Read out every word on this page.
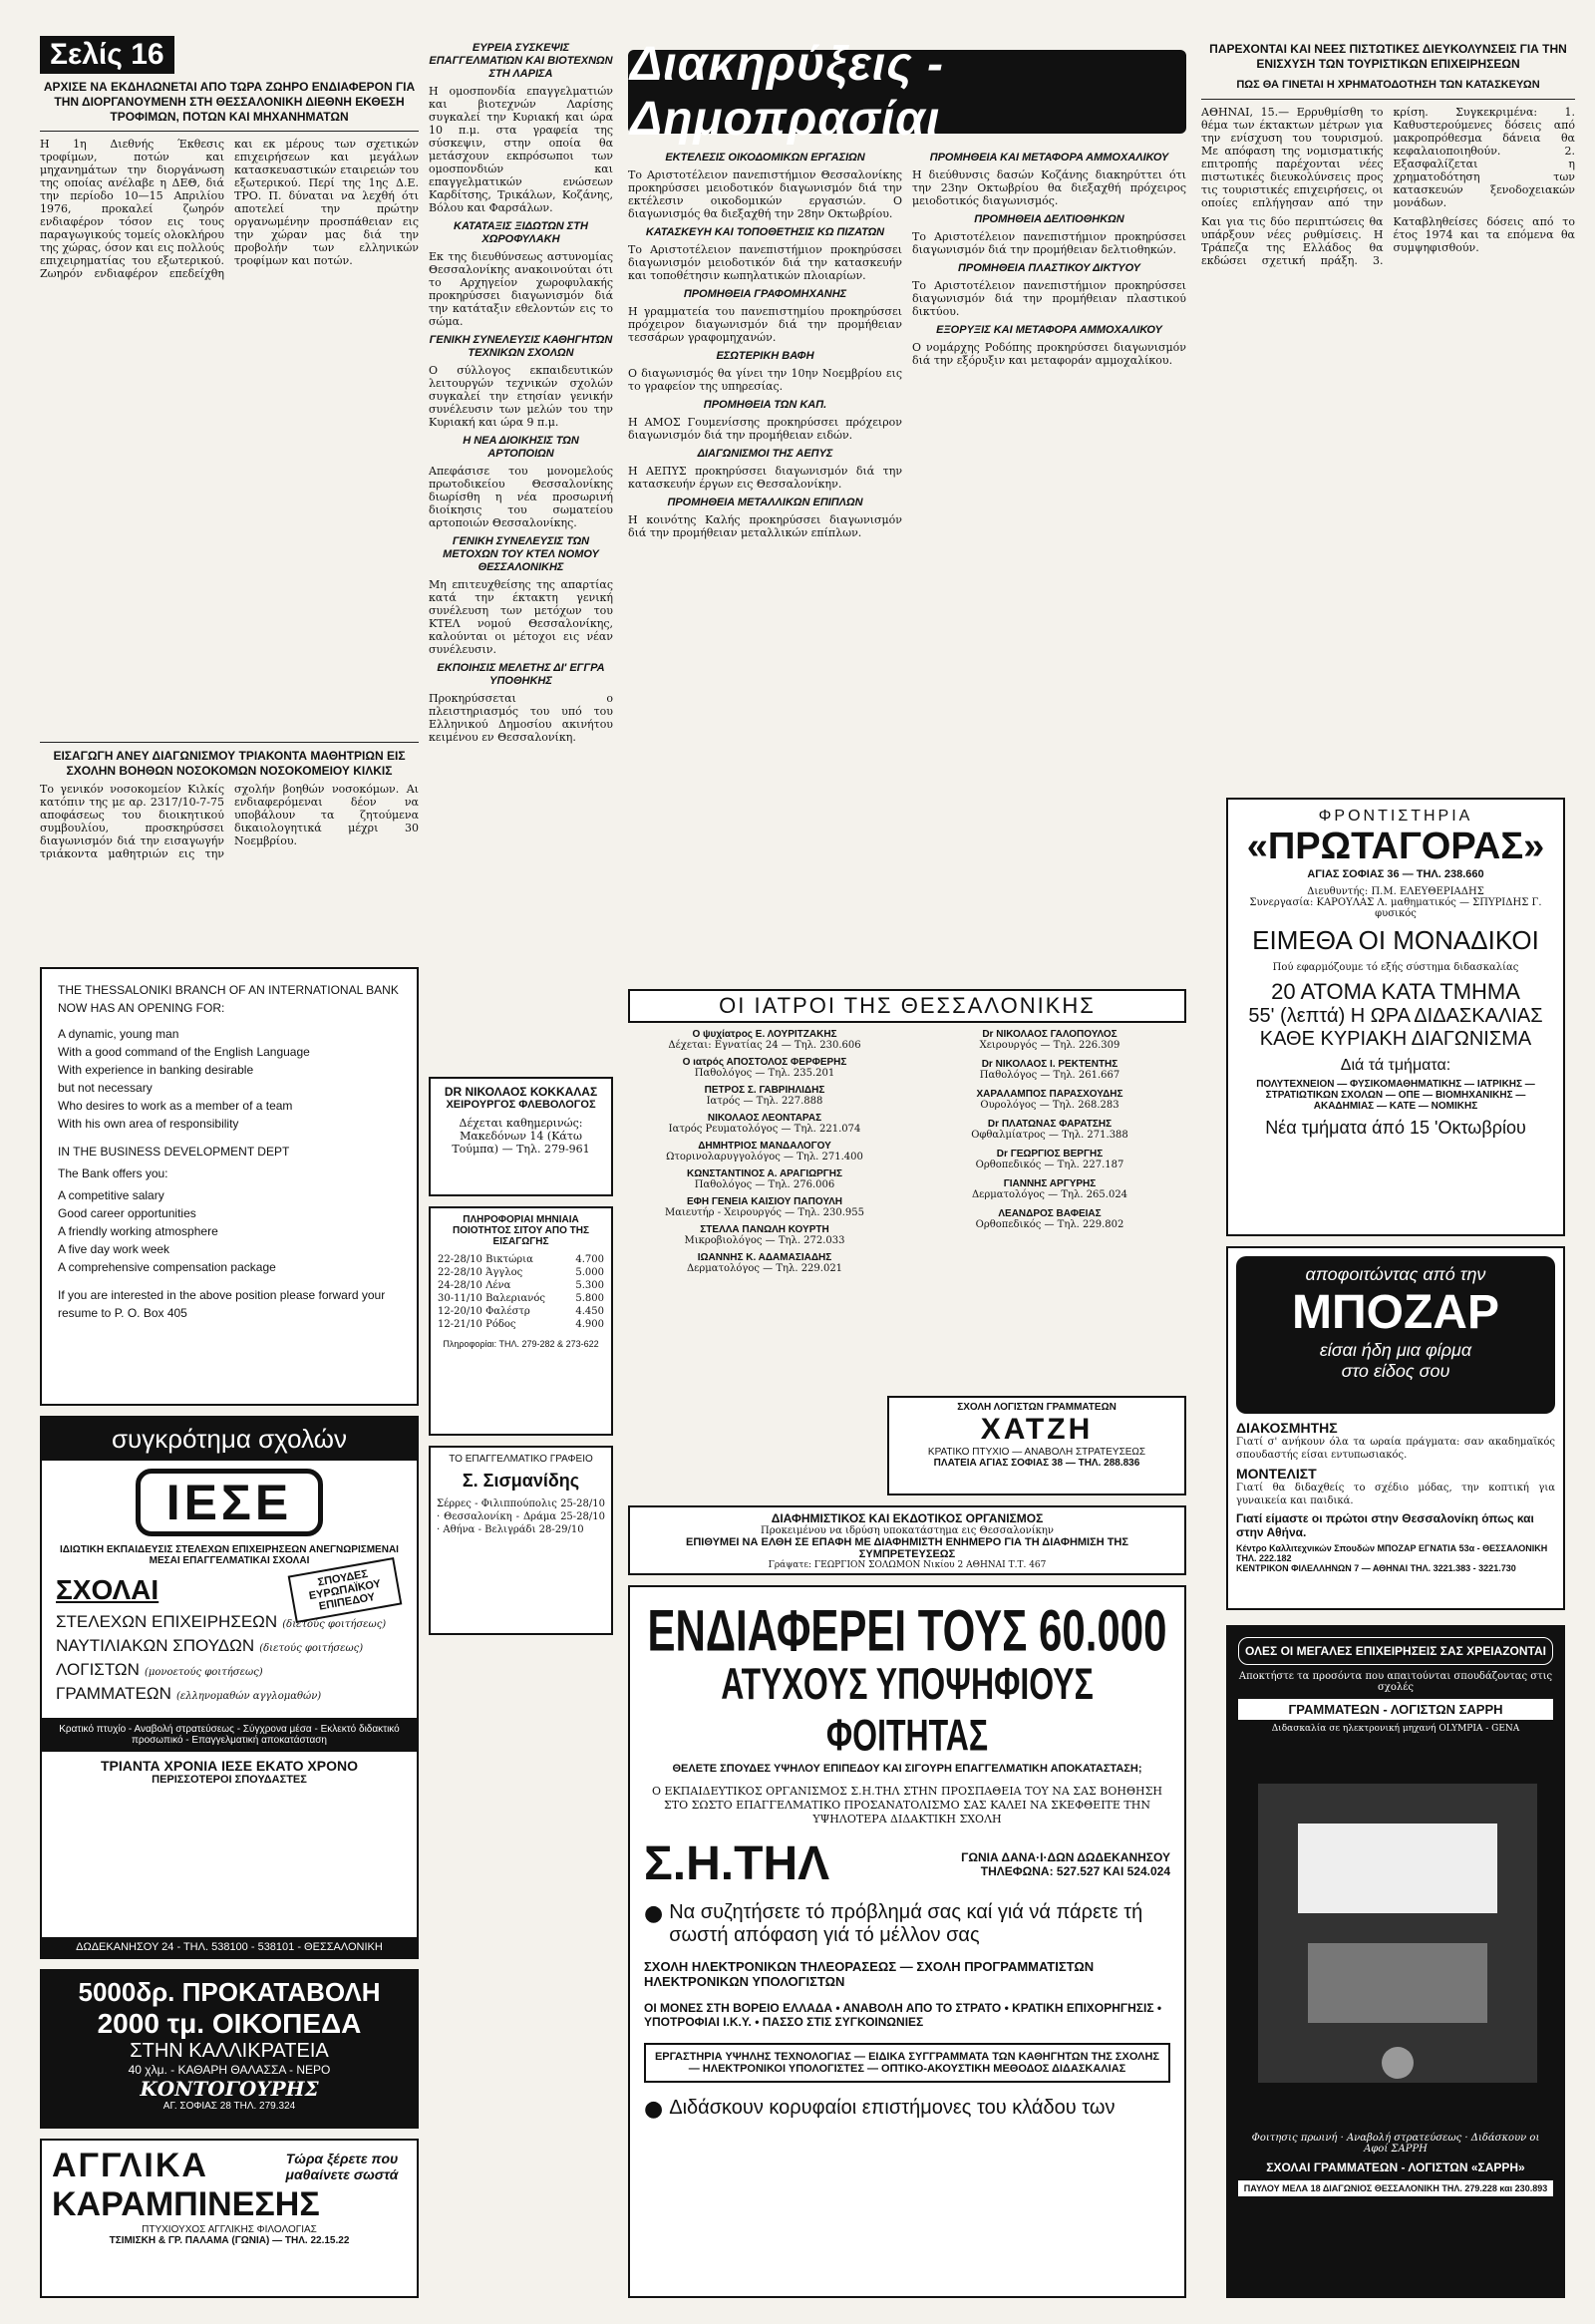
Σελίς 16
ΑΡΧΙΣΕ ΝΑ ΕΚΔΗΛΩΝΕΤΑΙ ΑΠΟ ΤΩΡΑ ΖΩΗΡΟ ΕΝΔΙΑΦΕΡΟΝ ΓΙΑ ΤΗΝ ΔΙΟΡΓΑΝΟΥΜΕΝΗ ΣΤΗ ΘΕΣΣΑΛΟΝΙΚΗ ΔΙΕΘΝΗ ΕΚΘΕΣΗ ΤΡΟΦΙΜΩΝ, ΠΟΤΩΝ ΚΑΙ ΜΗΧΑΝΗΜΑΤΩΝ

Η 1η Διεθνής Έκθεσις τροφίμων, ποτών και μηχανημάτων την διοργάνωση της οποίας ανέλαβε η ΔΕΘ, διά την περίοδο 10—15 Απριλίου 1976, προκαλεί ζωηρόν ενδιαφέρον τόσον εις τους παραγωγικούς τομείς ολοκλήρου της χώρας, όσον και εις πολλούς επιχειρηματίας του εξωτερικού. Ζωηρόν ενδιαφέρον επεδείχθη και εκ μέρους των σχετικών επιχειρήσεων και μεγάλων κατασκευαστικών εταιρειών του εξωτερικού. Περί της 1ης Δ.Ε. ΤΡΟ. Π. δύναται να λεχθή ότι αποτελεί την πρώτην οργανωμένην προσπάθειαν εις την χώραν μας διά την προβολήν των ελληνικών τροφίμων και ποτών.

ΕΙΣΑΓΩΓΗ ΑΝΕΥ ΔΙΑΓΩΝΙΣΜΟΥ ΤΡΙΑΚΟΝΤΑ ΜΑΘΗΤΡΙΩΝ ΕΙΣ ΣΧΟΛΗΝ ΒΟΗΘΩΝ ΝΟΣΟΚΟΜΩΝ ΝΟΣΟΚΟΜΕΙΟΥ ΚΙΛΚΙΣ

Το γενικόν νοσοκομείον Κιλκίς κατόπιν της με αρ. 2317/10-7-75 αποφάσεως του διοικητικού συμβουλίου, προσκηρύσσει διαγωνισμόν διά την εισαγωγήν τριάκοντα μαθητριών εις την σχολήν βοηθών νοσοκόμων. Αι ενδιαφερόμεναι δέον να υποβάλουν τα ζητούμενα δικαιολογητικά μέχρι 30 Νοεμβρίου.

THE THESSALONIKI BRANCH OF AN INTERNATIONAL BANK NOW HAS AN OPENING FOR:
A dynamic, young man
With a good command of the English Language
With experience in banking desirable
but not necessary
Who desires to work as a member of a team
With his own area of responsibility
IN THE BUSINESS DEVELOPMENT DEPT
The Bank offers you:
A competitive salary
Good career opportunities
A friendly working atmosphere
A five day work week
A comprehensive compensation package
If you are interested in the above position please forward your resume to P. O. Box 405
συγκρότημα σχολών
ΙΕΣΕ
ΙΔΙΩΤΙΚΗ ΕΚΠΑΙΔΕΥΣΙΣ ΣΤΕΛΕΧΩΝ ΕΠΙΧΕΙΡΗΣΕΩΝ ΑΝΕΓΝΩΡΙΣΜΕΝΑΙ ΜΕΣΑΙ ΕΠΑΓΓΕΛΜΑΤΙΚΑΙ ΣΧΟΛΑΙ
ΣΧΟΛΑΙ	ΣΠΟΥΔΕΣ ΕΥΡΩΠΑΪΚΟΥ ΕΠΙΠΕΔΟΥ
ΣΤΕΛΕΧΩΝ ΕΠΙΧΕΙΡΗΣΕΩΝ (διετούς φοιτήσεως)
ΝΑΥΤΙΛΙΑΚΩΝ ΣΠΟΥΔΩΝ (διετούς φοιτήσεως)
ΛΟΓΙΣΤΩΝ (μονοετούς φοιτήσεως)
ΓΡΑΜΜΑΤΕΩΝ (ελληνομαθών αγγλομαθών)
Κρατικό πτυχίο - Αναβολή στρατεύσεως - Σύγχρονα μέσα - Εκλεκτό διδακτικό προσωπικό - Επαγγελματική αποκατάσταση
ΤΡΙΑΝΤΑ ΧΡΟΝΙΑ ΙΕΣΕ ΕΚΑΤΟ ΧΡΟΝΟ
ΠΕΡΙΣΣΟΤΕΡΟΙ ΣΠΟΥΔΑΣΤΕΣ
ΔΩΔΕΚΑΝΗΣΟΥ 24 - ΤΗΛ. 538100 - 538101 - ΘΕΣΣΑΛΟΝΙΚΗ
5000δρ. ΠΡΟΚΑΤΑΒΟΛΗ
2000 τμ. ΟΙΚΟΠΕΔΑ
ΣΤΗΝ ΚΑΛΛΙΚΡΑΤΕΙΑ
40 χλμ. - ΚΑΘΑΡΗ ΘΑΛΑΣΣΑ - ΝΕΡΟ
ΚΟΝΤΟΓΟΥΡΗΣ
ΑΓ. ΣΟΦΙΑΣ 28 ΤΗΛ. 279.324
ΑΓΓΛΙΚΑ	Τώρα ξέρετε που μαθαίνετε σωστά
ΚΑΡΑΜΠΙΝΕΣΗΣ
ΠΤΥΧΙΟΥΧΟΣ ΑΓΓΛΙΚΗΣ ΦΙΛΟΛΟΓΙΑΣ
ΤΣΙΜΙΣΚΗ & ΓΡ. ΠΑΛΑΜΑ (ΓΩΝΙΑ) — ΤΗΛ. 22.15.22
ΕΥΡΕΙΑ ΣΥΣΚΕΨΙΣ ΕΠΑΓΓΕΛΜΑΤΙΩΝ ΚΑΙ ΒΙΟΤΕΧΝΩΝ ΣΤΗ ΛΑΡΙΣΑ

Η ομοσπονδία επαγγελματιών και βιοτεχνών Λαρίσης συγκαλεί την Κυριακή και ώρα 10 π.μ. στα γραφεία της σύσκεψιν, στην οποία θα μετάσχουν εκπρόσωποι των ομοσπονδιών και επαγγελματικών ενώσεων Καρδίτσης, Τρικάλων, Κοζάνης, Βόλου και Φαρσάλων.

ΚΑΤΑΤΑΞΙΣ ΞΙΔΩΤΩΝ ΣΤΗ ΧΩΡΟΦΥΛΑΚΗ

Εκ της διευθύνσεως αστυνομίας Θεσσαλονίκης ανακοινούται ότι το Αρχηγείον χωροφυλακής προκηρύσσει διαγωνισμόν διά την κατάταξιν εθελοντών εις το σώμα.

ΓΕΝΙΚΗ ΣΥΝΕΛΕΥΣΙΣ ΚΑΘΗΓΗΤΩΝ ΤΕΧΝΙΚΩΝ ΣΧΟΛΩΝ

Ο σύλλογος εκπαιδευτικών λειτουργών τεχνικών σχολών συγκαλεί την ετησίαν γενικήν συνέλευσιν των μελών του την Κυριακή και ώρα 9 π.μ.

Η ΝΕΑ ΔΙΟΙΚΗΣΙΣ ΤΩΝ ΑΡΤΟΠΟΙΩΝ

Απεφάσισε του μονομελούς πρωτοδικείου Θεσσαλονίκης διωρίσθη η νέα προσωρινή διοίκησις του σωματείου αρτοποιών Θεσσαλονίκης.

ΓΕΝΙΚΗ ΣΥΝΕΛΕΥΣΙΣ ΤΩΝ ΜΕΤΟΧΩΝ ΤΟΥ ΚΤΕΛ ΝΟΜΟΥ ΘΕΣΣΑΛΟΝΙΚΗΣ

Μη επιτευχθείσης της απαρτίας κατά την έκτακτη γενική συνέλευση των μετόχων του ΚΤΕΛ νομού Θεσσαλονίκης, καλούνται οι μέτοχοι εις νέαν συνέλευσιν.

ΕΚΠΟΙΗΣΙΣ ΜΕΛΕΤΗΣ ΔΙ' ΕΓΓΡΑ ΥΠΟΘΗΚΗΣ

Προκηρύσσεται ο πλειστηριασμός του υπό του Ελληνικού Δημοσίου ακινήτου κειμένου εν Θεσσαλονίκη.

DR ΝΙΚΟΛΑΟΣ ΚΟΚΚΑΛΑΣ
ΧΕΙΡΟΥΡΓΟΣ ΦΛΕΒΟΛΟΓΟΣ
Δέχεται καθημερινώς: Μακεδόνων 14 (Κάτω Τούμπα) — Τηλ. 279-961
ΠΛΗΡΟΦΟΡΙΑΙ ΜΗΝΙΑΙΑ ΠΟΙΟΤΗΤΟΣ ΣΙΤΟΥ ΑΠΟ ΤΗΣ ΕΙΣΑΓΩΓΗΣ
22-28/10 Βικτώρια	4.700
22-28/10 Άγγλος	5.000
24-28/10 Λένα	5.300
30-11/10 Βαλεριανός	5.800
12-20/10 Φαλέστρ	4.450
12-21/10 Ρόδος	4.900
Πληροφορίαι: ΤΗΛ. 279-282 & 273-622
ΤΟ ΕΠΑΓΓΕΛΜΑΤΙΚΟ ΓΡΑΦΕΙΟ
Σ. Σισμανίδης
Σέρρες - Φιλιππούπολις 25-28/10 · Θεσσαλονίκη - Δράμα 25-28/10 · Αθήνα - Βελιγράδι 28-29/10
Διακηρύξεις - Δημοπρασίαι
ΕΚΤΕΛΕΣΙΣ ΟΙΚΟΔΟΜΙΚΩΝ ΕΡΓΑΣΙΩΝ

Το Αριστοτέλειον πανεπιστήμιον Θεσσαλονίκης προκηρύσσει μειοδοτικόν διαγωνισμόν διά την εκτέλεσιν οικοδομικών εργασιών. Ο διαγωνισμός θα διεξαχθή την 28ην Οκτωβρίου.

ΚΑΤΑΣΚΕΥΗ ΚΑΙ ΤΟΠΟΘΕΤΗΣΙΣ ΚΩ ΠΙΖΑΤΩΝ

Το Αριστοτέλειον πανεπιστήμιον προκηρύσσει διαγωνισμόν μειοδοτικόν διά την κατασκευήν και τοποθέτησιν κωπηλατικών πλοιαρίων.

ΠΡΟΜΗΘΕΙΑ ΓΡΑΦΟΜΗΧΑΝΗΣ

Η γραμματεία του πανεπιστημίου προκηρύσσει πρόχειρον διαγωνισμόν διά την προμήθειαν τεσσάρων γραφομηχανών.

ΕΣΩΤΕΡΙΚΗ ΒΑΦΗ

Ο διαγωνισμός θα γίνει την 10ην Νοεμβρίου εις το γραφείον της υπηρεσίας.

ΠΡΟΜΗΘΕΙΑ ΤΩΝ ΚΑΠ.

Η ΑΜΟΣ Γουμενίσσης προκηρύσσει πρόχειρον διαγωνισμόν διά την προμήθειαν ειδών.

ΔΙΑΓΩΝΙΣΜΟΙ ΤΗΣ ΑΕΠΥΣ

Η ΑΕΠΥΣ προκηρύσσει διαγωνισμόν διά την κατασκευήν έργων εις Θεσσαλονίκην.

ΠΡΟΜΗΘΕΙΑ ΜΕΤΑΛΛΙΚΩΝ ΕΠΙΠΛΩΝ

Η κοινότης Καλής προκηρύσσει διαγωνισμόν διά την προμήθειαν μεταλλικών επίπλων.

ΠΡΟΜΗΘΕΙΑ ΚΑΙ ΜΕΤΑΦΟΡΑ ΑΜΜΟΧΑΛΙΚΟΥ

Η διεύθυνσις δασών Κοζάνης διακηρύττει ότι την 23ην Οκτωβρίου θα διεξαχθή πρόχειρος μειοδοτικός διαγωνισμός.

ΠΡΟΜΗΘΕΙΑ ΔΕΛΤΙΟΘΗΚΩΝ

Το Αριστοτέλειον πανεπιστήμιον προκηρύσσει διαγωνισμόν διά την προμήθειαν δελτιοθηκών.

ΠΡΟΜΗΘΕΙΑ ΠΛΑΣΤΙΚΟΥ ΔΙΚΤΥΟΥ

Το Αριστοτέλειον πανεπιστήμιον προκηρύσσει διαγωνισμόν διά την προμήθειαν πλαστικού δικτύου.

ΕΞΟΡΥΞΙΣ ΚΑΙ ΜΕΤΑΦΟΡΑ ΑΜΜΟΧΑΛΙΚΟΥ

Ο νομάρχης Ροδόπης προκηρύσσει διαγωνισμόν διά την εξόρυξιν και μεταφοράν αμμοχαλίκου.

ΟΙ ΙΑΤΡΟΙ ΤΗΣ ΘΕΣΣΑΛΟΝΙΚΗΣ
Ο ψυχίατρος Ε. ΛΟΥΡΙΤΖΑΚΗΣ
Δέχεται: Εγνατίας 24 — Τηλ. 230.606
Ο ιατρός ΑΠΟΣΤΟΛΟΣ ΦΕΡΦΕΡΗΣ
Παθολόγος — Τηλ. 235.201
ΠΕΤΡΟΣ Σ. ΓΑΒΡΙΗΛΙΔΗΣ
Ιατρός — Τηλ. 227.888
ΝΙΚΟΛΑΟΣ ΛΕΟΝΤΑΡΑΣ
Ιατρός Ρευματολόγος — Τηλ. 221.074
ΔΗΜΗΤΡΙΟΣ ΜΑΝΔΑΛΟΓΟΥ
Ωτορινολαρυγγολόγος — Τηλ. 271.400
ΚΩΝΣΤΑΝΤΙΝΟΣ Α. ΑΡΑΓΙΩΡΓΗΣ
Παθολόγος — Τηλ. 276.006
ΕΦΗ ΓΕΝΕΙΑ ΚΑΙΣΙΟΥ ΠΑΠΟΥΛΗ
Μαιευτήρ - Χειρουργός — Τηλ. 230.955
ΣΤΕΛΛΑ ΠΑΝΩΛΗ ΚΟΥΡΤΗ
Μικροβιολόγος — Τηλ. 272.033
ΙΩΑΝΝΗΣ Κ. ΑΔΑΜΑΣΙΑΔΗΣ
Δερματολόγος — Τηλ. 229.021
Dr ΝΙΚΟΛΑΟΣ ΓΑΛΟΠΟΥΛΟΣ
Χειρουργός — Τηλ. 226.309
Dr ΝΙΚΟΛΑΟΣ Ι. ΡΕΚΤΕΝΤΗΣ
Παθολόγος — Τηλ. 261.667
ΧΑΡΑΛΑΜΠΟΣ ΠΑΡΑΣΧΟΥΔΗΣ
Ουρολόγος — Τηλ. 268.283
Dr ΠΛΑΤΩΝΑΣ ΦΑΡΑΤΣΗΣ
Οφθαλμίατρος — Τηλ. 271.388
Dr ΓΕΩΡΓΙΟΣ ΒΕΡΓΗΣ
Ορθοπεδικός — Τηλ. 227.187
ΓΙΑΝΝΗΣ ΑΡΓΥΡΗΣ
Δερματολόγος — Τηλ. 265.024
ΛΕΑΝΔΡΟΣ ΒΑΦΕΙΑΣ
Ορθοπεδικός — Τηλ. 229.802
ΣΧΟΛΗ ΛΟΓΙΣΤΩΝ ΓΡΑΜΜΑΤΕΩΝ
ΧΑΤΖΗ
ΚΡΑΤΙΚΟ ΠΤΥΧΙΟ — ΑΝΑΒΟΛΗ ΣΤΡΑΤΕΥΣΕΩΣ
ΠΛΑΤΕΙΑ ΑΓΙΑΣ ΣΟΦΙΑΣ 38 — ΤΗΛ. 288.836
ΔΙΑΦΗΜΙΣΤΙΚΟΣ ΚΑΙ ΕΚΔΟΤΙΚΟΣ ΟΡΓΑΝΙΣΜΟΣ
Προκειμένου να ιδρύση υποκατάστημα εις Θεσσαλονίκην
ΕΠΙΘΥΜΕΙ ΝΑ ΕΛΘΗ ΣΕ ΕΠΑΦΗ ΜΕ ΔΙΑΦΗΜΙΣΤΗ ΕΝΗΜΕΡΟ ΓΙΑ ΤΗ ΔΙΑΦΗΜΙΣΗ ΤΗΣ ΣΥΜΠΡΕΤΕΥΣΕΩΣ
Γράψατε: ΓΕΩΡΓΙΟΝ ΣΟΛΩΜΟΝ Νικίου 2 ΑΘΗΝΑΙ Τ.Τ. 467
ΕΝΔΙΑΦΕΡΕΙ ΤΟΥΣ 60.000
ΑΤΥΧΟΥΣ ΥΠΟΨΗΦΙΟΥΣ ΦΟΙΤΗΤΑΣ
ΘΕΛΕΤΕ ΣΠΟΥΔΕΣ ΥΨΗΛΟΥ ΕΠΙΠΕΔΟΥ ΚΑΙ ΣΙΓΟΥΡΗ ΕΠΑΓΓΕΛΜΑΤΙΚΗ ΑΠΟΚΑΤΑΣΤΑΣΗ;
Ο ΕΚΠΑΙΔΕΥΤΙΚΟΣ ΟΡΓΑΝΙΣΜΟΣ Σ.Η.ΤΗΛ ΣΤΗΝ ΠΡΟΣΠΑΘΕΙΑ ΤΟΥ ΝΑ ΣΑΣ ΒΟΗΘΗΣΗ ΣΤΟ ΣΩΣΤΟ ΕΠΑΓΓΕΛΜΑΤΙΚΟ ΠΡΟΣΑΝΑΤΟΛΙΣΜΟ ΣΑΣ ΚΑΛΕΙ ΝΑ ΣΚΕΦΘΕΙΤΕ ΤΗΝ ΥΨΗΛΟΤΕΡΑ ΔΙΔΑΚΤΙΚΗ ΣΧΟΛΗ
Σ.Η.ΤΗΛ	ΓΩΝΙΑ ΔΑΝΑ·Ι·ΔΩΝ ΔΩΔΕΚΑΝΗΣΟΥ
ΤΗΛΕΦΩΝΑ: 527.527 ΚΑΙ 524.024
● Να συζητήσετε τό πρόβλημά σας καί γιά νά πάρετε τή σωστή απόφαση γιά τό μέλλον σας
ΣΧΟΛΗ ΗΛΕΚΤΡΟΝΙΚΩΝ ΤΗΛΕΟΡΑΣΕΩΣ — ΣΧΟΛΗ ΠΡΟΓΡΑΜΜΑΤΙΣΤΩΝ ΗΛΕΚΤΡΟΝΙΚΩΝ ΥΠΟΛΟΓΙΣΤΩΝ
ΟΙ ΜΟΝΕΣ ΣΤΗ ΒΟΡΕΙΟ ΕΛΛΑΔΑ • ΑΝΑΒΟΛΗ ΑΠΟ ΤΟ ΣΤΡΑΤΟ • ΚΡΑΤΙΚΗ ΕΠΙΧΟΡΗΓΗΣΙΣ • ΥΠΟΤΡΟΦΙΑΙ Ι.Κ.Υ. • ΠΑΣΣΟ ΣΤΙΣ ΣΥΓΚΟΙΝΩΝΙΕΣ
ΕΡΓΑΣΤΗΡΙΑ ΥΨΗΛΗΣ ΤΕΧΝΟΛΟΓΙΑΣ — ΕΙΔΙΚΑ ΣΥΓΓΡΑΜΜΑΤΑ ΤΩΝ ΚΑΘΗΓΗΤΩΝ ΤΗΣ ΣΧΟΛΗΣ — ΗΛΕΚΤΡΟΝΙΚΟΙ ΥΠΟΛΟΓΙΣΤΕΣ — ΟΠΤΙΚΟ-ΑΚΟΥΣΤΙΚΗ ΜΕΘΟΔΟΣ ΔΙΔΑΣΚΑΛΙΑΣ
● Διδάσκουν κορυφαίοι επιστήμονες του κλάδου των
ΠΑΡΕΧΟΝΤΑΙ ΚΑΙ ΝΕΕΣ ΠΙΣΤΩΤΙΚΕΣ ΔΙΕΥΚΟΛΥΝΣΕΙΣ ΓΙΑ ΤΗΝ ΕΝΙΣΧΥΣΗ ΤΩΝ ΤΟΥΡΙΣΤΙΚΩΝ ΕΠΙΧΕΙΡΗΣΕΩΝ
ΠΩΣ ΘΑ ΓΙΝΕΤΑΙ Η ΧΡΗΜΑΤΟΔΟΤΗΣΗ ΤΩΝ ΚΑΤΑΣΚΕΥΩΝ

ΑΘΗΝΑΙ, 15.— Ερρυθμίσθη το θέμα των έκτακτων μέτρων για την ενίσχυση του τουρισμού. Με απόφαση της νομισματικής επιτροπής παρέχονται νέες πιστωτικές διευκολύνσεις προς τις τουριστικές επιχειρήσεις, οι οποίες επλήγησαν από την κρίση. Συγκεκριμένα: 1. Καθυστερούμενες δόσεις από μακροπρόθεσμα δάνεια θα κεφαλαιοποιηθούν. 2. Εξασφαλίζεται η χρηματοδότηση των κατασκευών ξενοδοχειακών μονάδων.

Και για τις δύο περιπτώσεις θα υπάρξουν νέες ρυθμίσεις. Η Τράπεζα της Ελλάδος θα εκδώσει σχετική πράξη. 3. Καταβληθείσες δόσεις από το έτος 1974 και τα επόμενα θα συμψηφισθούν.

ΦΡΟΝΤΙΣΤΗΡΙΑ
«ΠΡΩΤΑΓΟΡΑΣ»
ΑΓΙΑΣ ΣΟΦΙΑΣ 36 — ΤΗΛ. 238.660
Διευθυντής: Π.Μ. ΕΛΕΥΘΕΡΙΑΔΗΣ
Συνεργασία: ΚΑΡΟΥΛΑΣ Λ. μαθηματικός — ΣΠΥΡΙΔΗΣ Γ. φυσικός
ΕΙΜΕΘΑ ΟΙ ΜΟΝΑΔΙΚΟΙ
Πού εφαρμόζουμε τό εξής σύστημα διδασκαλίας
20 ΑΤΟΜΑ ΚΑΤΑ ΤΜΗΜΑ
55' (λεπτά) Η ΩΡΑ ΔΙΔΑΣΚΑΛΙΑΣ
ΚΑΘΕ ΚΥΡΙΑΚΗ ΔΙΑΓΩΝΙΣΜΑ
Διά τά τμήματα:
ΠΟΛΥΤΕΧΝΕΙΟΝ — ΦΥΣΙΚΟΜΑΘΗΜΑΤΙΚΗΣ — ΙΑΤΡΙΚΗΣ — ΣΤΡΑΤΙΩΤΙΚΩΝ ΣΧΟΛΩΝ — ΟΠΕ — ΒΙΟΜΗΧΑΝΙΚΗΣ — ΑΚΑΔΗΜΙΑΣ — ΚΑΤΕ — ΝΟΜΙΚΗΣ
Νέα τμήματα άπό 15 'Οκτωβρίου
αποφοιτώντας από την
ΜΠΟΖΑΡ
είσαι ήδη μια φίρμα
στο είδος σου
ΔΙΑΚΟΣΜΗΤΗΣ
Γιατί σ' ανήκουν όλα τα ωραία πράγματα: σαν ακαδημαϊκός σπουδαστής είσαι εντυπωσιακός.
ΜΟΝΤΕΛΙΣΤ
Γιατί θα διδαχθείς το σχέδιο μόδας, την κοπτική για γυναικεία και παιδικά.
Γιατί είμαστε οι πρώτοι στην Θεσσαλονίκη όπως και στην Αθήνα.
Κέντρο Καλλιτεχνικών Σπουδών ΜΠΟΖΑΡ ΕΓΝΑΤΙΑ 53α - ΘΕΣΣΑΛΟΝΙΚΗ ΤΗΛ. 222.182
ΚΕΝΤΡΙΚΟΝ ΦΙΛΕΛΛΗΝΩΝ 7 — ΑΘΗΝΑΙ ΤΗΛ. 3221.383 - 3221.730
ΟΛΕΣ ΟΙ ΜΕΓΑΛΕΣ ΕΠΙΧΕΙΡΗΣΕΙΣ ΣΑΣ ΧΡΕΙΑΖΟΝΤΑΙ
Αποκτήστε τα προσόντα που απαιτούνται σπουδάζοντας στις σχολές
ΓΡΑΜΜΑΤΕΩΝ - ΛΟΓΙΣΤΩΝ ΣΑΡΡΗ
Διδασκαλία σε ηλεκτρονική μηχανή OLYMPIA - GENA
Φοιτησις πρωινή · Αναβολή στρατεύσεως · Διδάσκουν οι Αφοί ΣΑΡΡΗ
ΣΧΟΛΑΙ ΓΡΑΜΜΑΤΕΩΝ - ΛΟΓΙΣΤΩΝ «ΣΑΡΡΗ»
ΠΑΥΛΟΥ ΜΕΛΑ 18 ΔΙΑΓΩΝΙΟΣ ΘΕΣΣΑΛΟΝΙΚΗ ΤΗΛ. 279.228 και 230.893
